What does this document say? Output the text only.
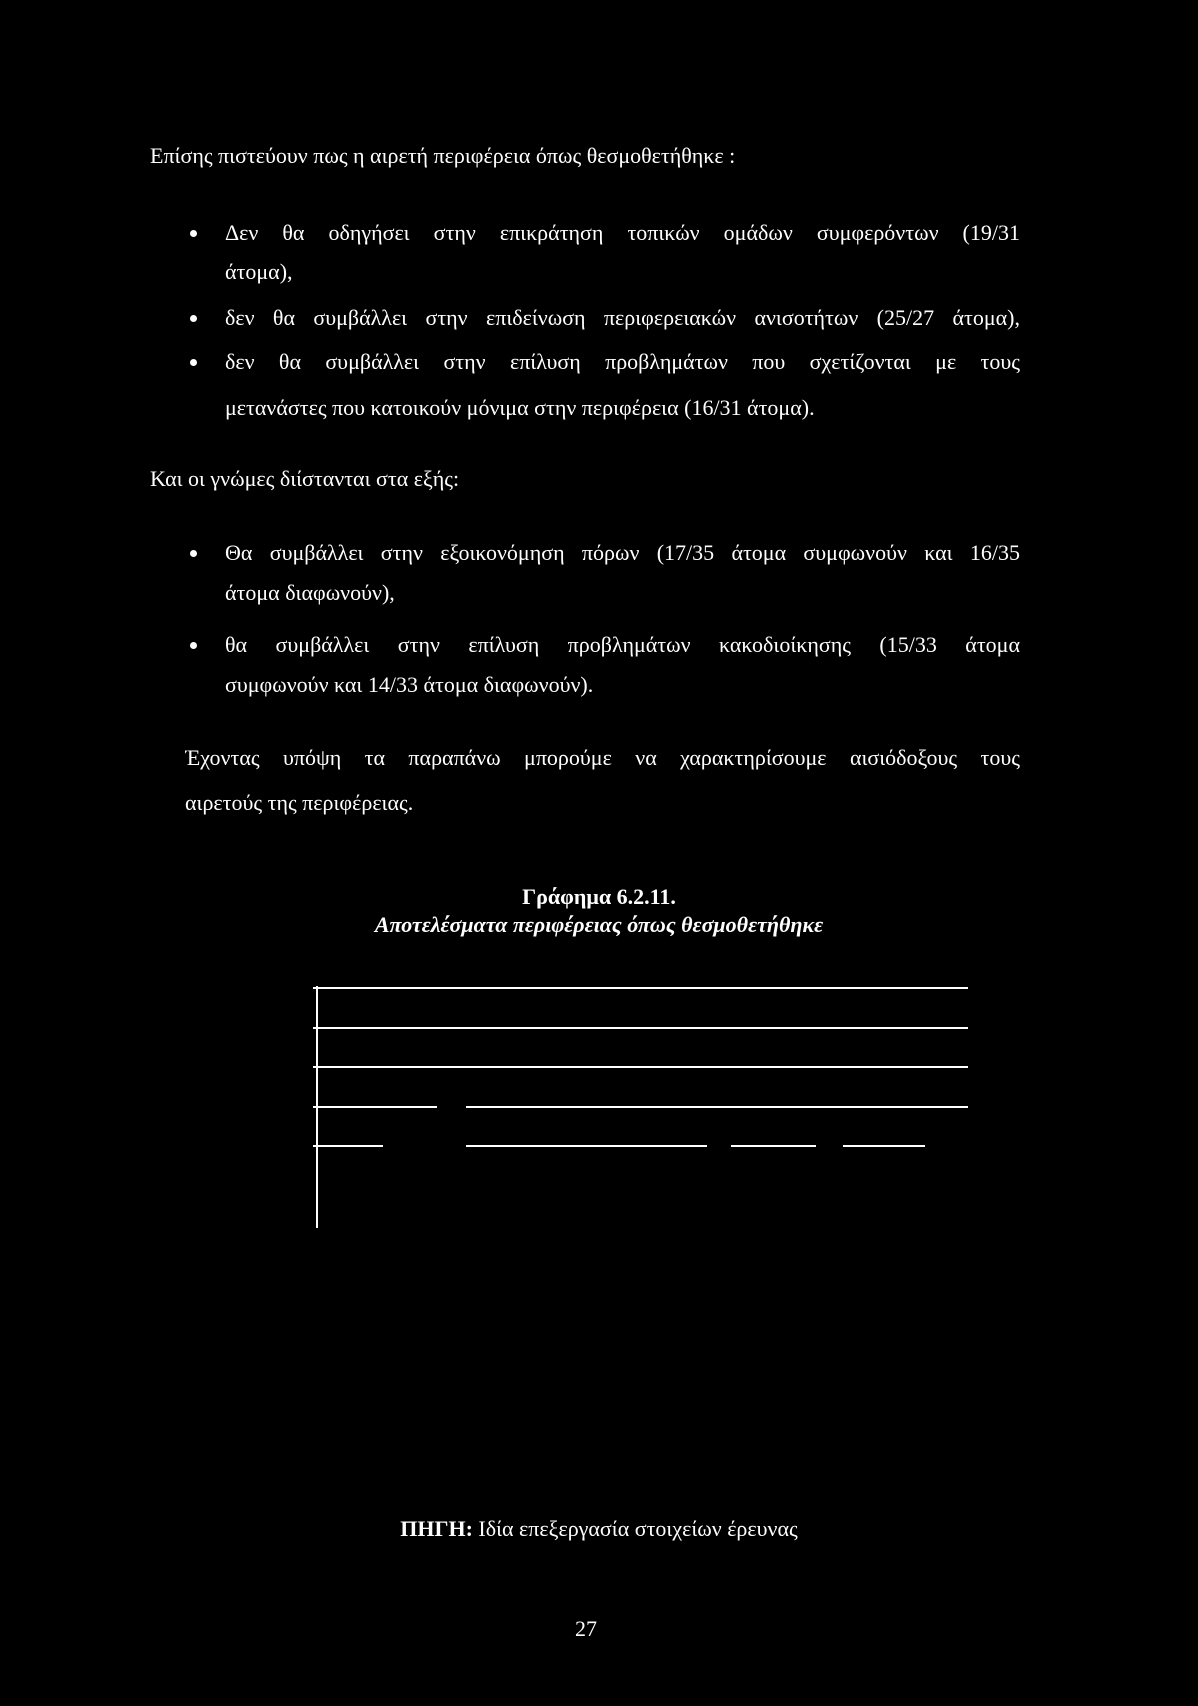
Επίσης πιστεύουν πως η αιρετή περιφέρεια όπως θεσμοθετήθηκε :
Δεν θα οδηγήσει στην επικράτηση τοπικών ομάδων συμφερόντων (19/31
άτομα),
δεν θα συμβάλλει στην επιδείνωση περιφερειακών ανισοτήτων (25/27 άτομα),
δεν θα συμβάλλει στην επίλυση προβλημάτων που σχετίζονται με τους
μετανάστες που κατοικούν μόνιμα στην περιφέρεια (16/31 άτομα).
Και οι γνώμες διίστανται στα εξής:
Θα συμβάλλει στην εξοικονόμηση πόρων (17/35 άτομα συμφωνούν και 16/35
άτομα διαφωνούν),
θα συμβάλλει στην επίλυση προβλημάτων κακοδιοίκησης (15/33 άτομα
συμφωνούν και 14/33 άτομα διαφωνούν).
Έχοντας υπόψη τα παραπάνω μπορούμε να χαρακτηρίσουμε αισιόδοξους τους
αιρετούς της περιφέρειας.
Γράφημα 6.2.11.
Αποτελέσματα περιφέρειας όπως θεσμοθετήθηκε
ΠΗΓΗ: Ιδία επεξεργασία στοιχείων έρευνας
27
